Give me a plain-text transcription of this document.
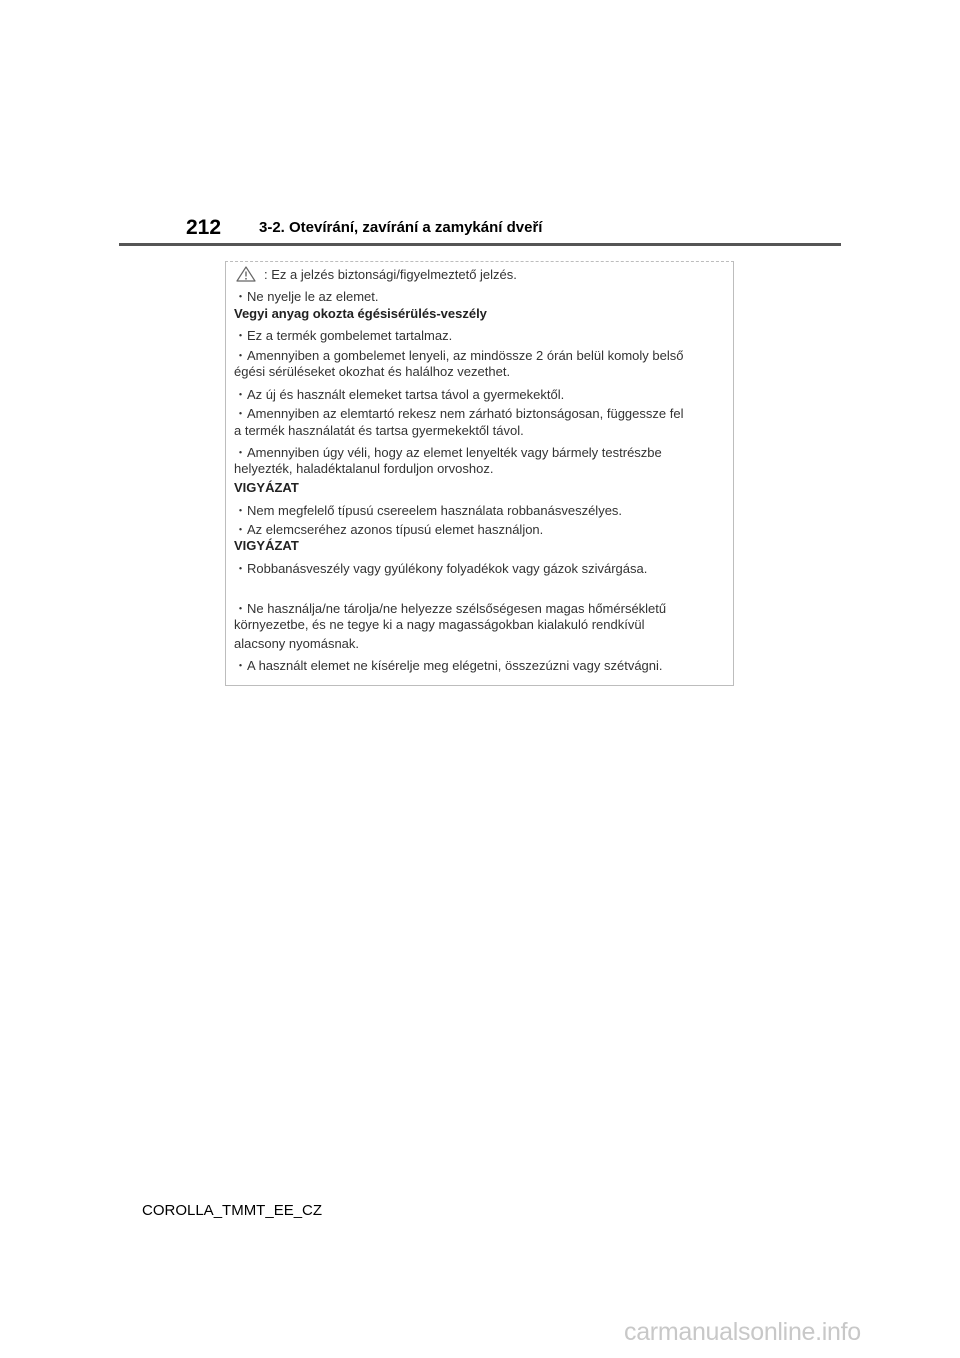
212	3-2. Otevírání, zavírání a zamykání dveří
・Ne nyelje le az elemet.
Vegyi anyag okozta égésisérülés-veszély
・Ez a termék gombelemet tartalmaz.
・Amennyiben a gombelemet lenyeli, az mindössze 2 órán belül komoly belső
égési sérüléseket okozhat és halálhoz vezethet.
・Az új és használt elemeket tartsa távol a gyermekektől.
・Amennyiben az elemtartó rekesz nem zárható biztonságosan, függessze fel
a termék használatát és tartsa gyermekektől távol.
・Amennyiben úgy véli, hogy az elemet lenyelték vagy bármely testrészbe
helyezték, haladéktalanul forduljon orvoshoz.
VIGYÁZAT
・Nem megfelelő típusú csereelem használata robbanásveszélyes.
・Az elemcseréhez azonos típusú elemet használjon.
VIGYÁZAT
・Robbanásveszély vagy gyúlékony folyadékok vagy gázok szivárgása.
・Ne használja/ne tárolja/ne helyezze szélsőségesen magas hőmérsékletű
környezetbe, és ne tegye ki a nagy magasságokban kialakuló rendkívül
alacsony nyomásnak.
・A használt elemet ne kísérelje meg elégetni, összezúzni vagy szétvágni.
: Ez a jelzés biztonsági/figyelmeztető jelzés.
COROLLA_TMMT_EE_CZ
carmanualsonline.info
